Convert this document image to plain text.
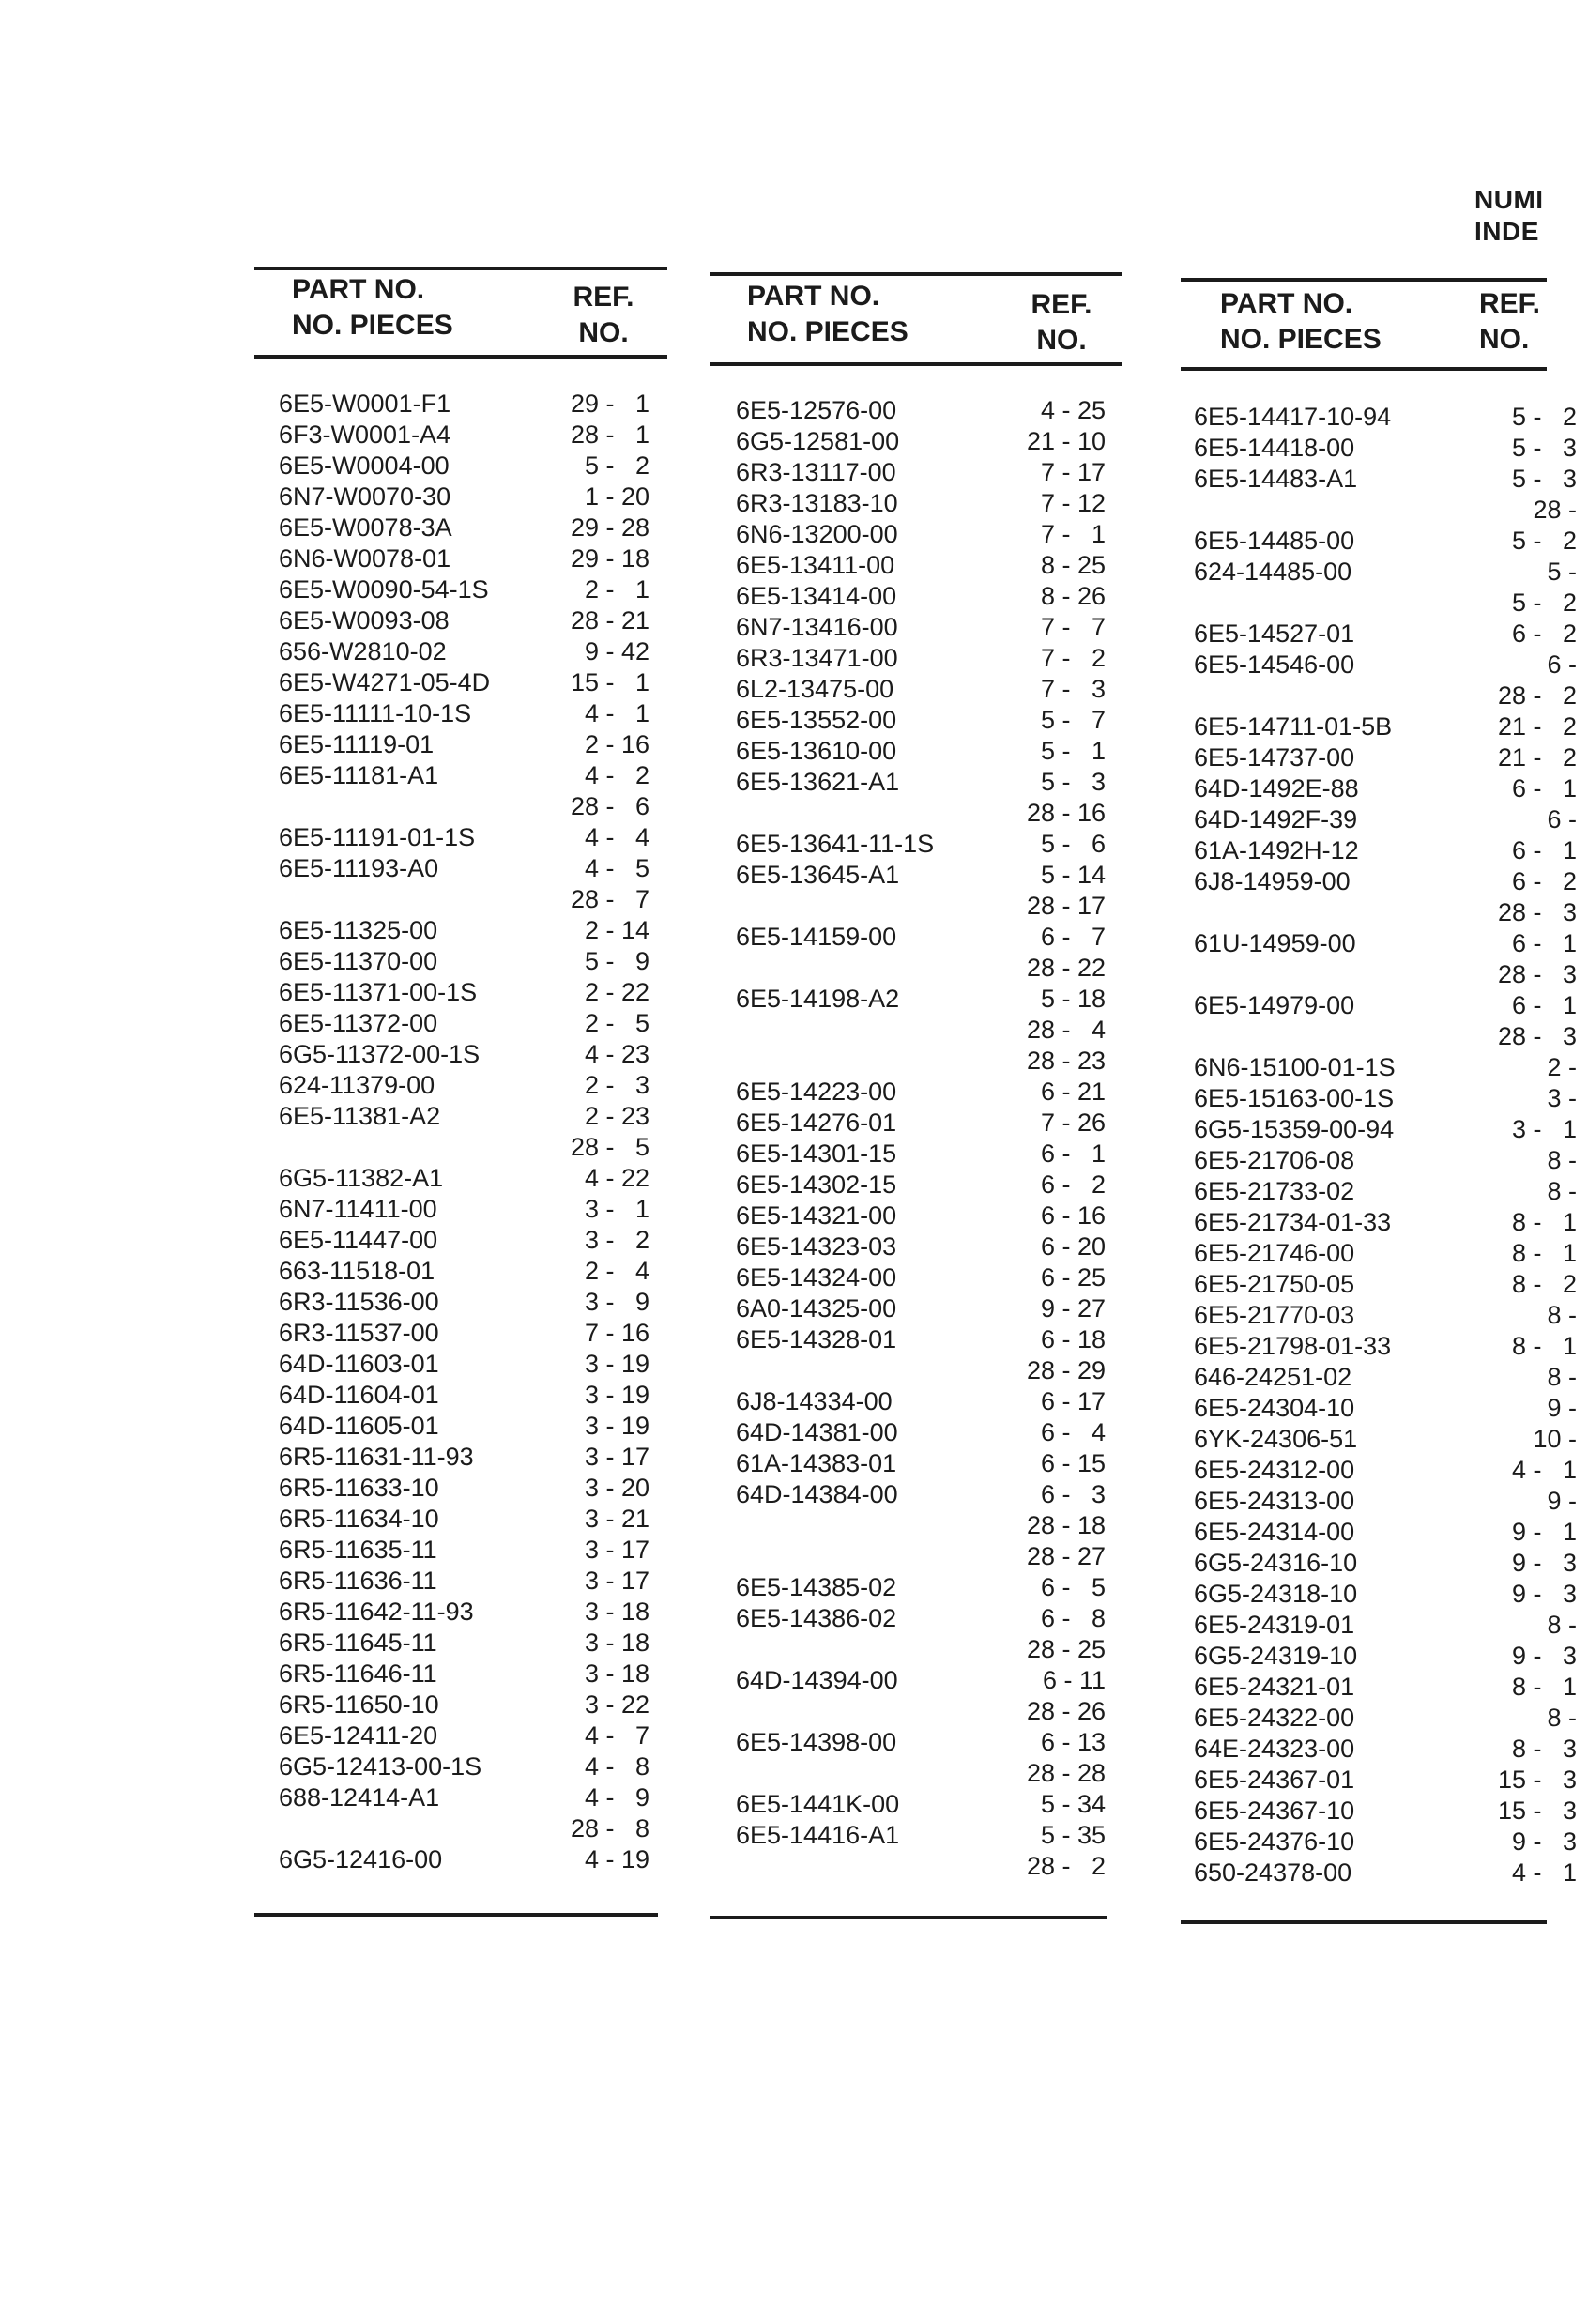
NUMI
INDE
PART NO.
NO. PIECES
REF.
NO.
6E5-W0001-F1	29 -   1
6F3-W0001-A4	28 -   1
6E5-W0004-00	5 -   2
6N7-W0070-30	1 - 20
6E5-W0078-3A	29 - 28
6N6-W0078-01	29 - 18
6E5-W0090-54-1S	2 -   1
6E5-W0093-08	28 - 21
656-W2810-02	9 - 42
6E5-W4271-05-4D	15 -   1
6E5-11111-10-1S	4 -   1
6E5-11119-01	2 - 16
6E5-11181-A1	4 -   2
28 -   6
6E5-11191-01-1S	4 -   4
6E5-11193-A0	4 -   5
28 -   7
6E5-11325-00	2 - 14
6E5-11370-00	5 -   9
6E5-11371-00-1S	2 - 22
6E5-11372-00	2 -   5
6G5-11372-00-1S	4 - 23
624-11379-00	2 -   3
6E5-11381-A2	2 - 23
28 -   5
6G5-11382-A1	4 - 22
6N7-11411-00	3 -   1
6E5-11447-00	3 -   2
663-11518-01	2 -   4
6R3-11536-00	3 -   9
6R3-11537-00	7 - 16
64D-11603-01	3 - 19
64D-11604-01	3 - 19
64D-11605-01	3 - 19
6R5-11631-11-93	3 - 17
6R5-11633-10	3 - 20
6R5-11634-10	3 - 21
6R5-11635-11	3 - 17
6R5-11636-11	3 - 17
6R5-11642-11-93	3 - 18
6R5-11645-11	3 - 18
6R5-11646-11	3 - 18
6R5-11650-10	3 - 22
6E5-12411-20	4 -   7
6G5-12413-00-1S	4 -   8
688-12414-A1	4 -   9
28 -   8
6G5-12416-00	4 - 19
PART NO.
NO. PIECES
REF.
NO.
6E5-12576-00	4 - 25
6G5-12581-00	21 - 10
6R3-13117-00	7 - 17
6R3-13183-10	7 - 12
6N6-13200-00	7 -   1
6E5-13411-00	8 - 25
6E5-13414-00	8 - 26
6N7-13416-00	7 -   7
6R3-13471-00	7 -   2
6L2-13475-00	7 -   3
6E5-13552-00	5 -   7
6E5-13610-00	5 -   1
6E5-13621-A1	5 -   3
28 - 16
6E5-13641-11-1S	5 -   6
6E5-13645-A1	5 - 14
28 - 17
6E5-14159-00	6 -   7
28 - 22
6E5-14198-A2	5 - 18
28 -   4
28 - 23
6E5-14223-00	6 - 21
6E5-14276-01	7 - 26
6E5-14301-15	6 -   1
6E5-14302-15	6 -   2
6E5-14321-00	6 - 16
6E5-14323-03	6 - 20
6E5-14324-00	6 - 25
6A0-14325-00	9 - 27
6E5-14328-01	6 - 18
28 - 29
6J8-14334-00	6 - 17
64D-14381-00	6 -   4
61A-14383-01	6 - 15
64D-14384-00	6 -   3
28 - 18
28 - 27
6E5-14385-02	6 -   5
6E5-14386-02	6 -   8
28 - 25
64D-14394-00	6 - 11
28 - 26
6E5-14398-00	6 - 13
28 - 28
6E5-1441K-00	5 - 34
6E5-14416-A1	5 - 35
28 -   2
PART NO.
NO. PIECES
REF.
NO.
6E5-14417-10-94	5 -   2
6E5-14418-00	5 -   3
6E5-14483-A1	5 -   3
28 -
6E5-14485-00	5 -   2
624-14485-00	5 -
5 -   2
6E5-14527-01	6 -   2
6E5-14546-00	6 -
28 -   2
6E5-14711-01-5B	21 -   2
6E5-14737-00	21 -   2
64D-1492E-88	6 -   1
64D-1492F-39	6 -
61A-1492H-12	6 -   1
6J8-14959-00	6 -   2
28 -   3
61U-14959-00	6 -   1
28 -   3
6E5-14979-00	6 -   1
28 -   3
6N6-15100-01-1S	2 -
6E5-15163-00-1S	3 -
6G5-15359-00-94	3 -   1
6E5-21706-08	8 -
6E5-21733-02	8 -
6E5-21734-01-33	8 -   1
6E5-21746-00	8 -   1
6E5-21750-05	8 -   2
6E5-21770-03	8 -
6E5-21798-01-33	8 -   1
646-24251-02	8 -
6E5-24304-10	9 -
6YK-24306-51	10 -
6E5-24312-00	4 -   1
6E5-24313-00	9 -
6E5-24314-00	9 -   1
6G5-24316-10	9 -   3
6G5-24318-10	9 -   3
6E5-24319-01	8 -
6G5-24319-10	9 -   3
6E5-24321-01	8 -   1
6E5-24322-00	8 -
64E-24323-00	8 -   3
6E5-24367-01	15 -   3
6E5-24367-10	15 -   3
6E5-24376-10	9 -   3
650-24378-00	4 -   1
